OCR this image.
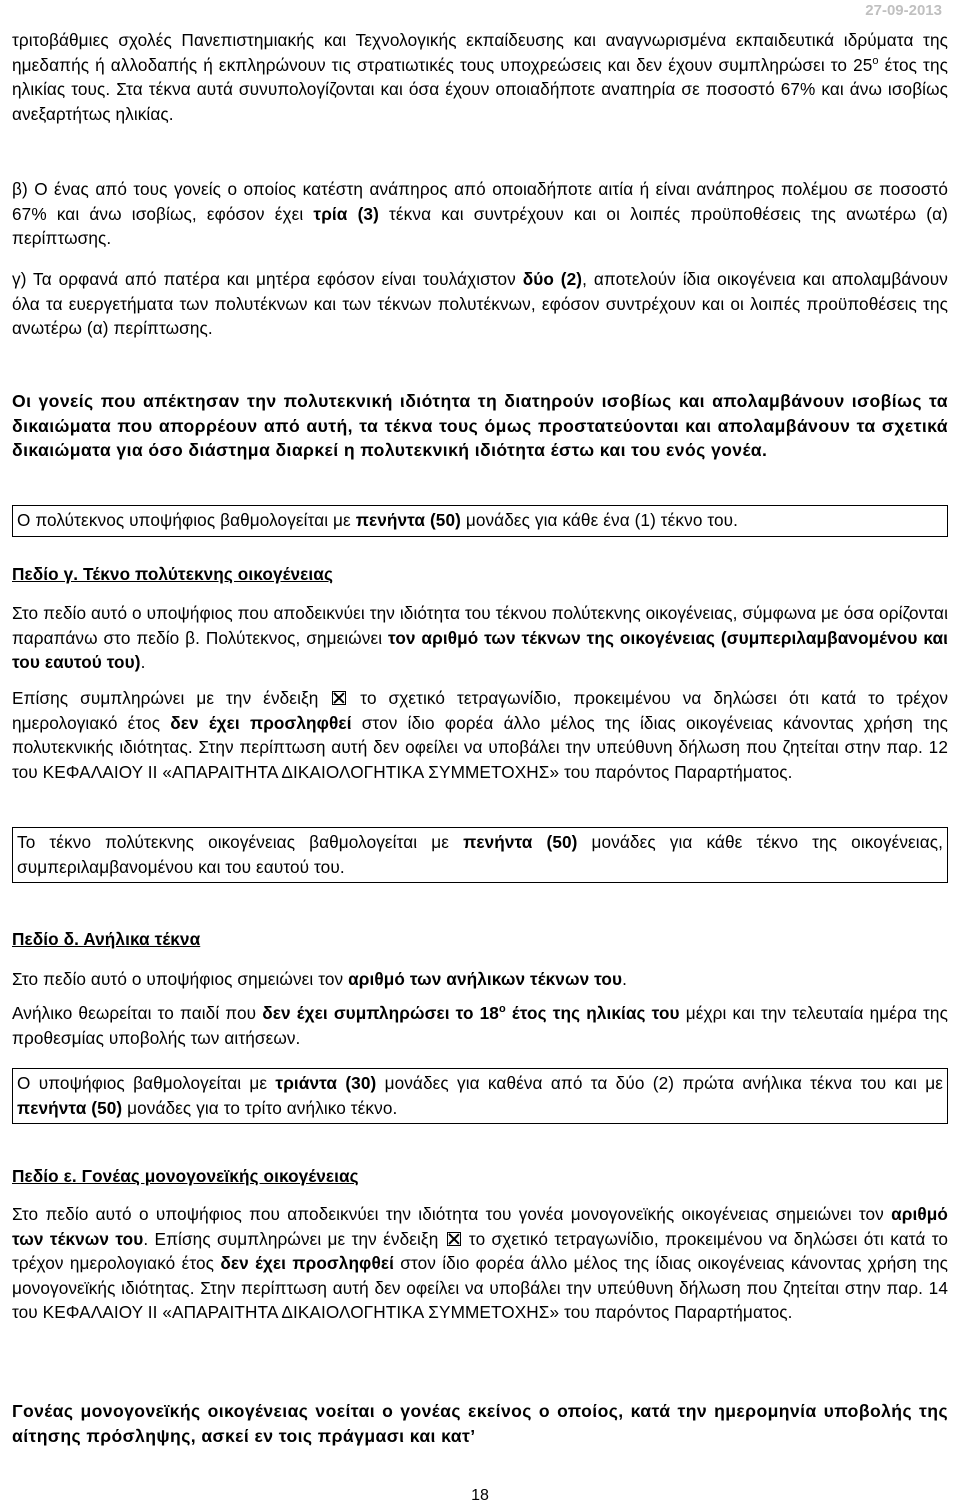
27-09-2013

τριτοβάθμιες σχολές Πανεπιστημιακής και Τεχνολογικής εκπαίδευσης και αναγνωρισμένα εκπαιδευτικά ιδρύματα της ημεδαπής ή αλλοδαπής ή εκπληρώνουν τις στρατιωτικές τους υποχρεώσεις και δεν έχουν συμπληρώσει το $25^o$ έτος της ηλικίας τους. Στα τέκνα αυτά συνυπολογίζονται και όσα έχουν οποιαδήποτε αναπηρία σε ποσοστό 67% και άνω ισοβίως ανεξαρτήτως ηλικίας.

β) Ο ένας από τους γονείς ο οποίος κατέστη ανάπηρος από οποιαδήποτε αιτία ή είναι ανάπηρος πολέμου σε ποσοστό 67% και άνω ισοβίως, εφόσον έχει τρία (3) τέκνα και συντρέχουν και οι λοιπές προϋποθέσεις της ανωτέρω (α) περίπτωσης.

γ) Τα ορφανά από πατέρα και μητέρα εφόσον είναι τουλάχιστον δύο (2), αποτελούν ίδια οικογένεια και απολαμβάνουν όλα τα ευεργετήματα των πολυτέκνων και των τέκνων πολυτέκνων, εφόσον συντρέχουν και οι λοιπές προϋποθέσεις της ανωτέρω (α) περίπτωσης.

Οι γονείς που απέκτησαν την πολυτεκνική ιδιότητα τη διατηρούν ισοβίως και απολαμβάνουν ισοβίως τα δικαιώματα που απορρέουν από αυτή, τα τέκνα τους όμως προστατεύονται και απολαμβάνουν τα σχετικά δικαιώματα για όσο διάστημα διαρκεί η πολυτεκνική ιδιότητα έστω και του ενός γονέα.

Ο πολύτεκνος υποψήφιος βαθμολογείται με πενήντα (50) μονάδες για κάθε ένα (1) τέκνο του.

Πεδίο γ. Τέκνο πολύτεκνης οικογένειας

Στο πεδίο αυτό ο υποψήφιος που αποδεικνύει την ιδιότητα του τέκνου πολύτεκνης οικογένειας, σύμφωνα με όσα ορίζονται παραπάνω στο πεδίο β. Πολύτεκνος, σημειώνει τον αριθμό των τέκνων της οικογένειας (συμπεριλαμβανομένου και του εαυτού του).

Επίσης συμπληρώνει με την ένδειξη  το σχετικό τετραγωνίδιο, προκειμένου να δηλώσει ότι κατά το τρέχον ημερολογιακό έτος δεν έχει προσληφθεί στον ίδιο φορέα άλλο μέλος της ίδιας οικογένειας κάνοντας χρήση της πολυτεκνικής ιδιότητας. Στην περίπτωση αυτή δεν οφείλει να υποβάλει την υπεύθυνη δήλωση που ζητείται στην παρ. 12 του ΚΕΦΑΛΑΙΟΥ ΙΙ «ΑΠΑΡΑΙΤΗΤΑ ΔΙΚΑΙΟΛΟΓΗΤΙΚΑ ΣΥΜΜΕΤΟΧΗΣ» του παρόντος Παραρτήματος.

Το τέκνο πολύτεκνης οικογένειας βαθμολογείται με πενήντα (50) μονάδες για κάθε τέκνο της οικογένειας, συμπεριλαμβανομένου και του εαυτού του.

Πεδίο δ. Ανήλικα τέκνα

Στο πεδίο αυτό ο υποψήφιος σημειώνει τον αριθμό των ανήλικων τέκνων του.

Ανήλικο θεωρείται το παιδί που δεν έχει συμπληρώσει το $18^o$ έτος της ηλικίας του μέχρι και την τελευταία ημέρα της προθεσμίας υποβολής των αιτήσεων.

Ο υποψήφιος βαθμολογείται με τριάντα (30) μονάδες για καθένα από τα δύο (2) πρώτα ανήλικα τέκνα του και με πενήντα (50) μονάδες για το τρίτο ανήλικο τέκνο.

Πεδίο ε. Γονέας μονογονεϊκής οικογένειας

Στο πεδίο αυτό ο υποψήφιος που αποδεικνύει την ιδιότητα του γονέα μονογονεϊκής οικογένειας σημειώνει τον αριθμό των τέκνων του. Επίσης συμπληρώνει με την ένδειξη  το σχετικό τετραγωνίδιο, προκειμένου να δηλώσει ότι κατά το τρέχον ημερολογιακό έτος δεν έχει προσληφθεί στον ίδιο φορέα άλλο μέλος της ίδιας οικογένειας κάνοντας χρήση της μονογονεϊκής ιδιότητας. Στην περίπτωση αυτή δεν οφείλει να υποβάλει την υπεύθυνη δήλωση που ζητείται στην παρ. 14 του ΚΕΦΑΛΑΙΟΥ ΙΙ «ΑΠΑΡΑΙΤΗΤΑ ΔΙΚΑΙΟΛΟΓΗΤΙΚΑ ΣΥΜΜΕΤΟΧΗΣ» του παρόντος Παραρτήματος.

Γονέας μονογονεϊκής οικογένειας νοείται ο γονέας εκείνος ο οποίος, κατά την ημερομηνία υποβολής της αίτησης πρόσληψης, ασκεί εν τοις πράγμασι και κατ’

18
